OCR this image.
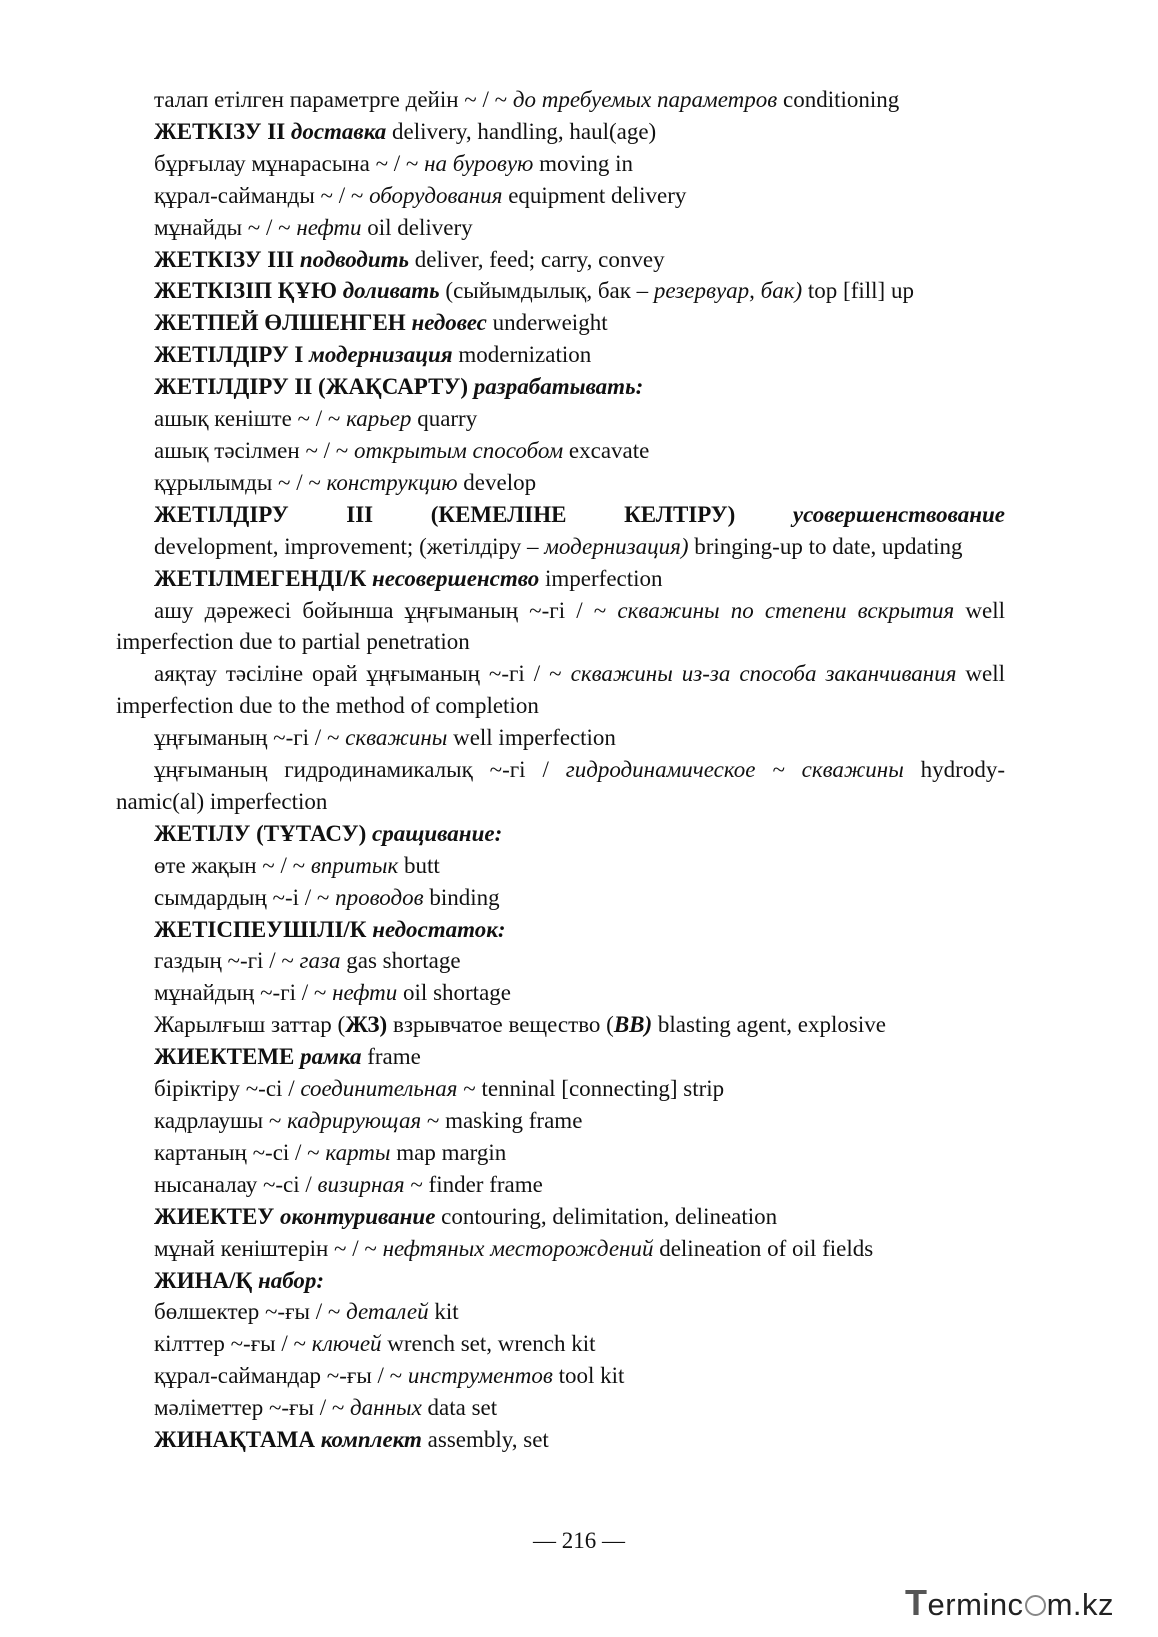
талап етілген параметрге дейін ~ / ~ до требуемых параметров conditioning
ЖЕТКІЗУ ІІ доставка delivery, handling, haul(age)
бұрғылау мұнарасына ~ / ~ на буровую moving in
құрал-сайманды ~ / ~ оборудования equipment delivery
мұнайды ~ / ~ нефти oil delivery
ЖЕТКІЗУ ІІІ подводить deliver, feed; carry, convey
ЖЕТКІЗІП ҚҰЮ доливать (сыйымдылық, бак – резервуар, бак) top [fill] up
ЖЕТПЕЙ ӨЛШЕНГЕН недовес underweight
ЖЕТІЛДІРУ І модернизация modernization
ЖЕТІЛДІРУ ІІ (ЖАҚСАРТУ) разрабатывать:
ашық кеніште ~ / ~ карьер quarry
ашық тәсілмен ~ / ~ открытым способом excavate
құрылымды ~ / ~ конструкцию develop
ЖЕТІЛДІРУ	ІІІ	(КЕМЕЛІНЕ	КЕЛТІРУ)	усовершенствование
development, improvement; (жетілдіру – модернизация) bringing-up to date, updating
ЖЕТІЛМЕГЕНДІ/К несовершенство imperfection
ашу дәрежесі бойынша ұңғыманың ~-гі / ~ скважины по степени вскрытия well imperfection due to partial penetration
аяқтау тәсіліне орай ұңғыманың ~-гі / ~ скважины из-за способа заканчивания well imperfection due to the method of completion
ұңғыманың ~-гі / ~ скважины well imperfection
ұңғыманың гидродинамикалық ~-гі / гидродинамическое ~ скважины hydrody-namic(al) imperfection
ЖЕТІЛУ (ТҰТАСУ) сращивание:
өте жақын ~ / ~ впритык butt
сымдардың ~-і / ~ проводов binding
ЖЕТІСПЕУШІЛІ/К недостаток:
газдың ~-гі / ~ газа gas shortage
мұнайдың ~-гі / ~ нефти oil shortage
Жарылғыш заттар (ЖЗ) взрывчатое вещество (ВВ) blasting agent, explosive
ЖИЕКТЕМЕ рамка frame
біріктіру ~-сі / соединительная ~ tenninal [connecting] strip
кадрлаушы ~ кадрирующая ~ masking frame
картаның ~-сі / ~ карты map margin
нысаналау ~-сі / визирная ~ finder frame
ЖИЕКТЕУ оконтуривание contouring, delimitation, delineation
мұнай кеніштерін ~ / ~ нефтяных месторождений delineation of oil fields
ЖИНА/Қ набор:
бөлшектер ~-ғы / ~ деталей kit
кілттер ~-ғы / ~ ключей wrench set, wrench kit
құрал-саймандар ~-ғы / ~ инструментов tool kit
мәліметтер ~-ғы / ~ данных data set
ЖИНАҚТАМА комплект assembly, set
— 216 —
Terminc m.kz
